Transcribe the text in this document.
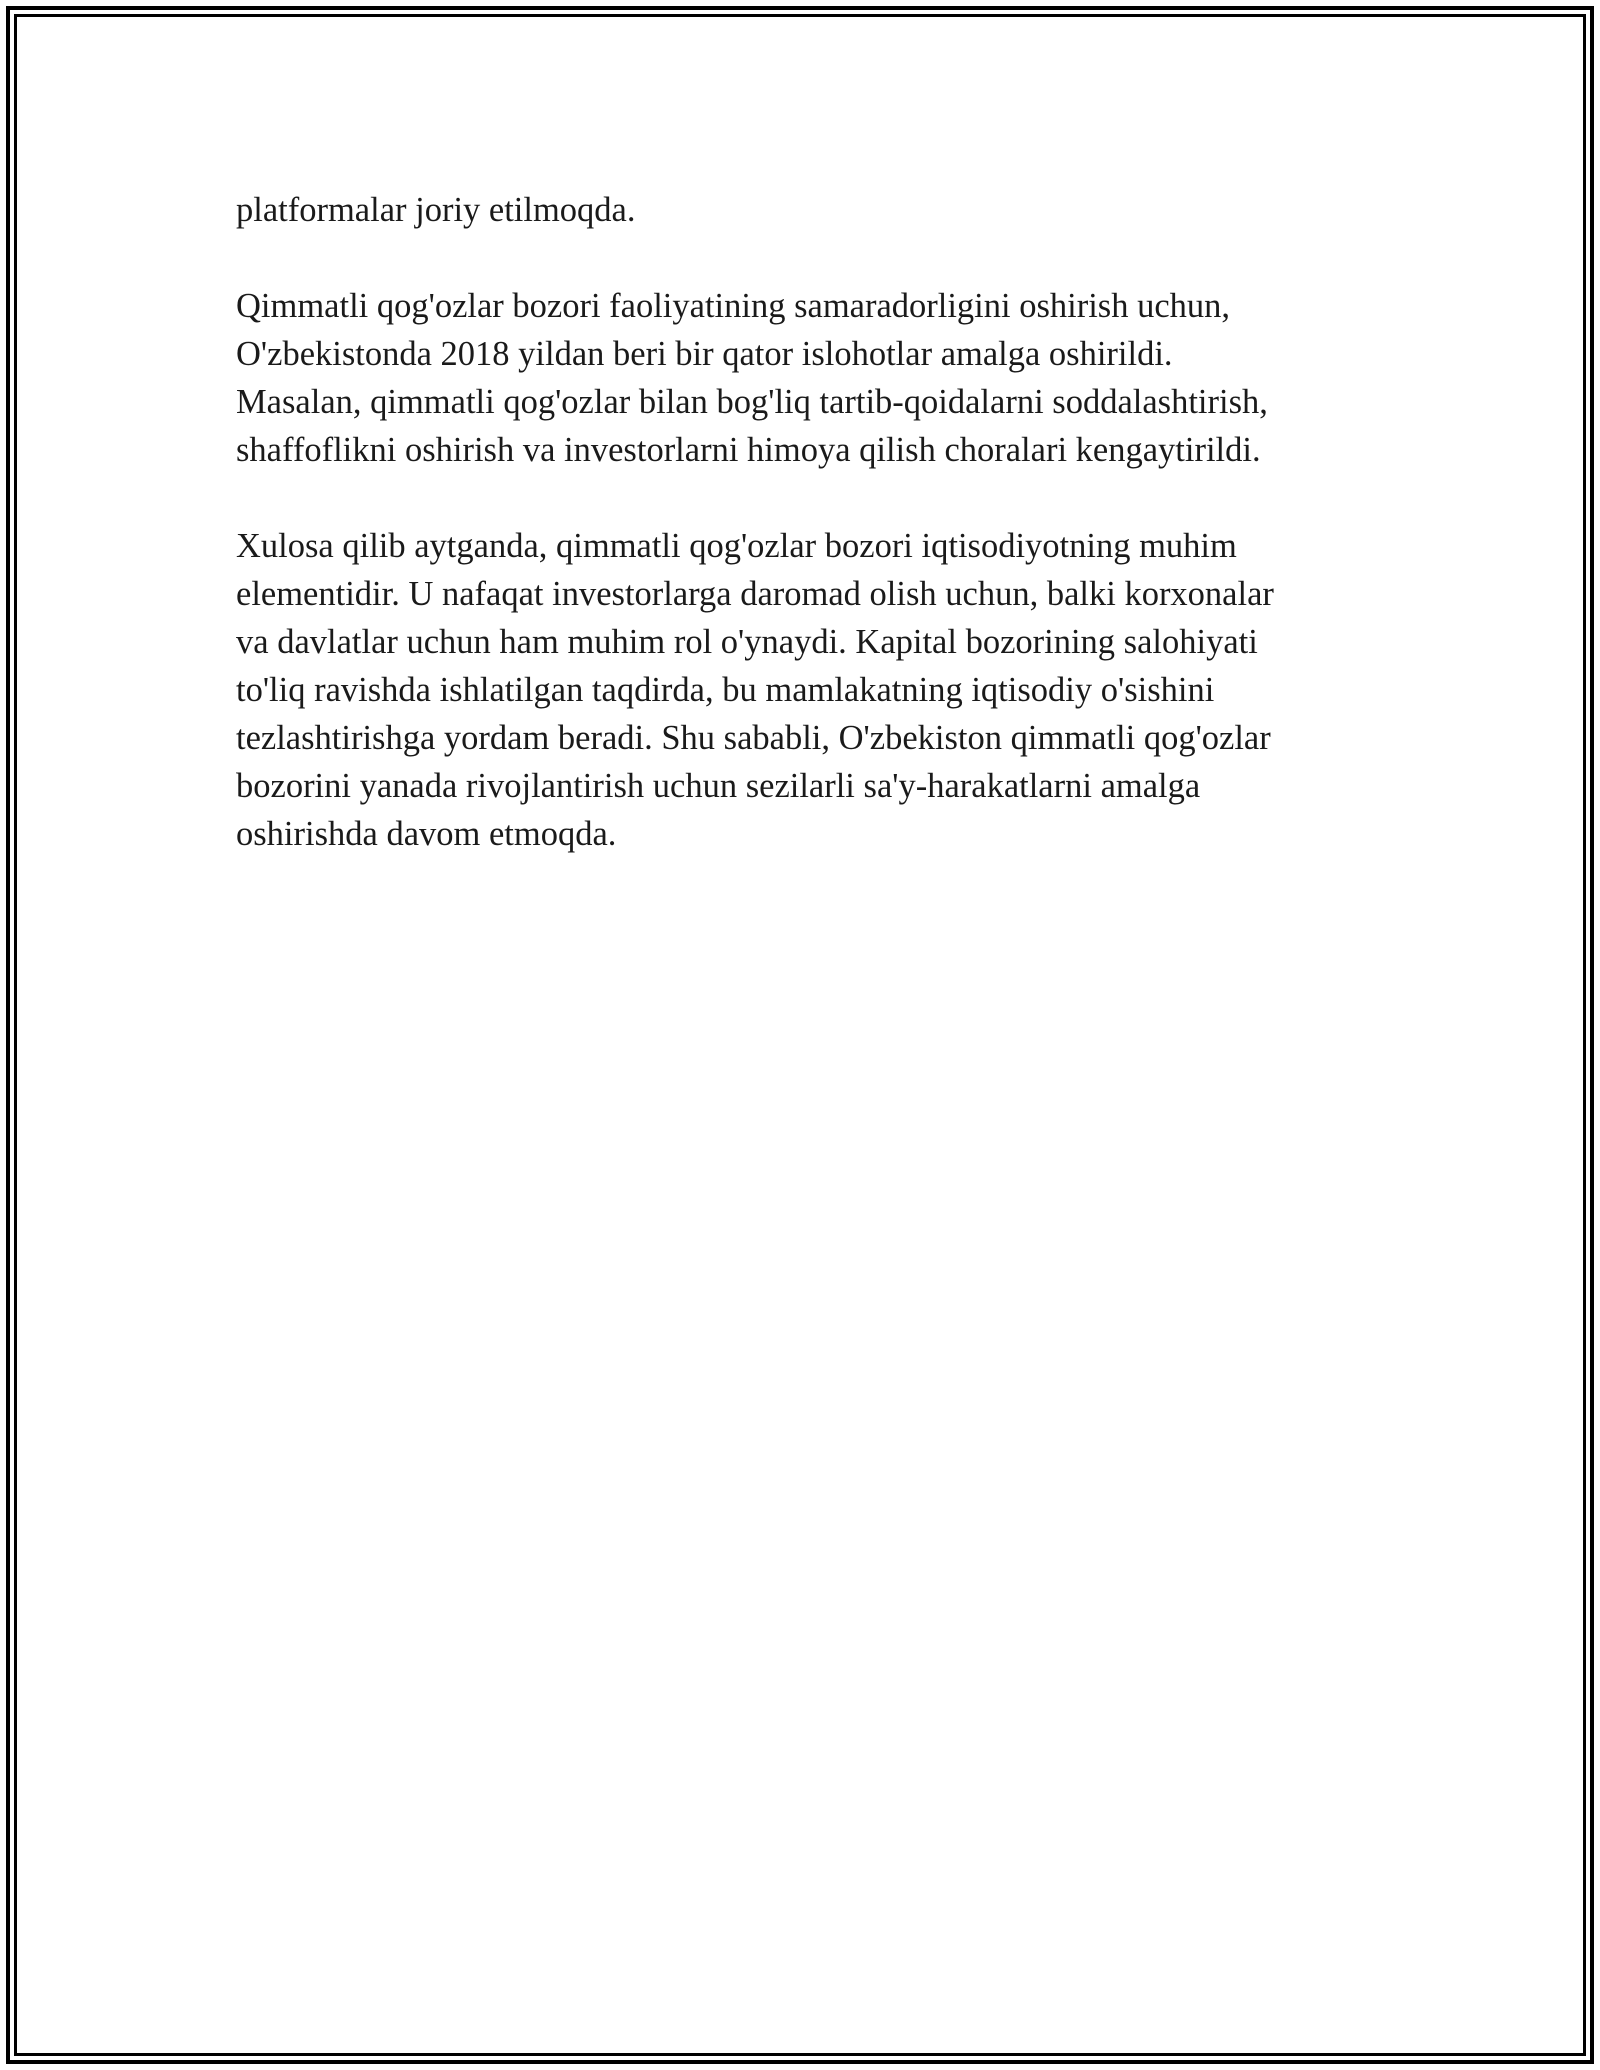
platformalar joriy etilmoqda.
Qimmatli qog'ozlar bozori faoliyatining samaradorligini oshirish uchun,
O'zbekistonda 2018 yildan beri bir qator islohotlar amalga oshirildi.
Masalan, qimmatli qog'ozlar bilan bog'liq tartib-qoidalarni soddalashtirish,
shaffoflikni oshirish va investorlarni himoya qilish choralari kengaytirildi.
Xulosa qilib aytganda, qimmatli qog'ozlar bozori iqtisodiyotning muhim
elementidir. U nafaqat investorlarga daromad olish uchun, balki korxonalar
va davlatlar uchun ham muhim rol o'ynaydi. Kapital bozorining salohiyati
to'liq ravishda ishlatilgan taqdirda, bu mamlakatning iqtisodiy o'sishini
tezlashtirishga yordam beradi. Shu sababli, O'zbekiston qimmatli qog'ozlar
bozorini yanada rivojlantirish uchun sezilarli sa'y-harakatlarni amalga
oshirishda davom etmoqda.
